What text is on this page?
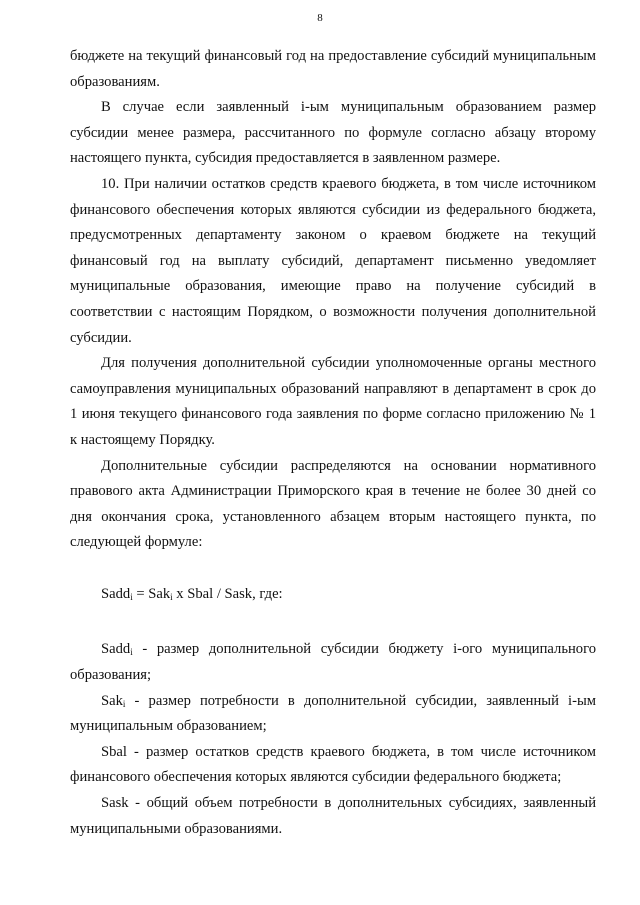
8

бюджете на текущий финансовый год на предоставление субсидий муниципальным образованиям.

В случае если заявленный i-ым муниципальным образованием размер субсидии менее размера, рассчитанного по формуле согласно абзацу второму настоящего пункта, субсидия предоставляется в заявленном размере.

10. При наличии остатков средств краевого бюджета, в том числе источником финансового обеспечения которых являются субсидии из федерального бюджета, предусмотренных департаменту законом о краевом бюджете на текущий финансовый год на выплату субсидий, департамент письменно уведомляет муниципальные образования, имеющие право на получение субсидий в соответствии с настоящим Порядком, о возможности получения дополнительной субсидии.

Для получения дополнительной субсидии уполномоченные органы местного самоуправления муниципальных образований направляют в департамент в срок до 1 июня текущего финансового года заявления по форме согласно приложению № 1 к настоящему Порядку.

Дополнительные субсидии распределяются на основании нормативного правового акта Администрации Приморского края в течение не более 30 дней со дня окончания срока, установленного абзацем вторым настоящего пункта, по следующей формуле:

Sadd$_i$ = Sak$_i$ x Sbal / Sask, где:

Sadd$_i$ - размер дополнительной субсидии бюджету i-ого муниципального образования;

Sak$_i$ - размер потребности в дополнительной субсидии, заявленный i-ым муниципальным образованием;

Sbal - размер остатков средств краевого бюджета, в том числе источником финансового обеспечения которых являются субсидии федерального бюджета;

Sask - общий объем потребности в дополнительных субсидиях, заявленный муниципальными образованиями.
